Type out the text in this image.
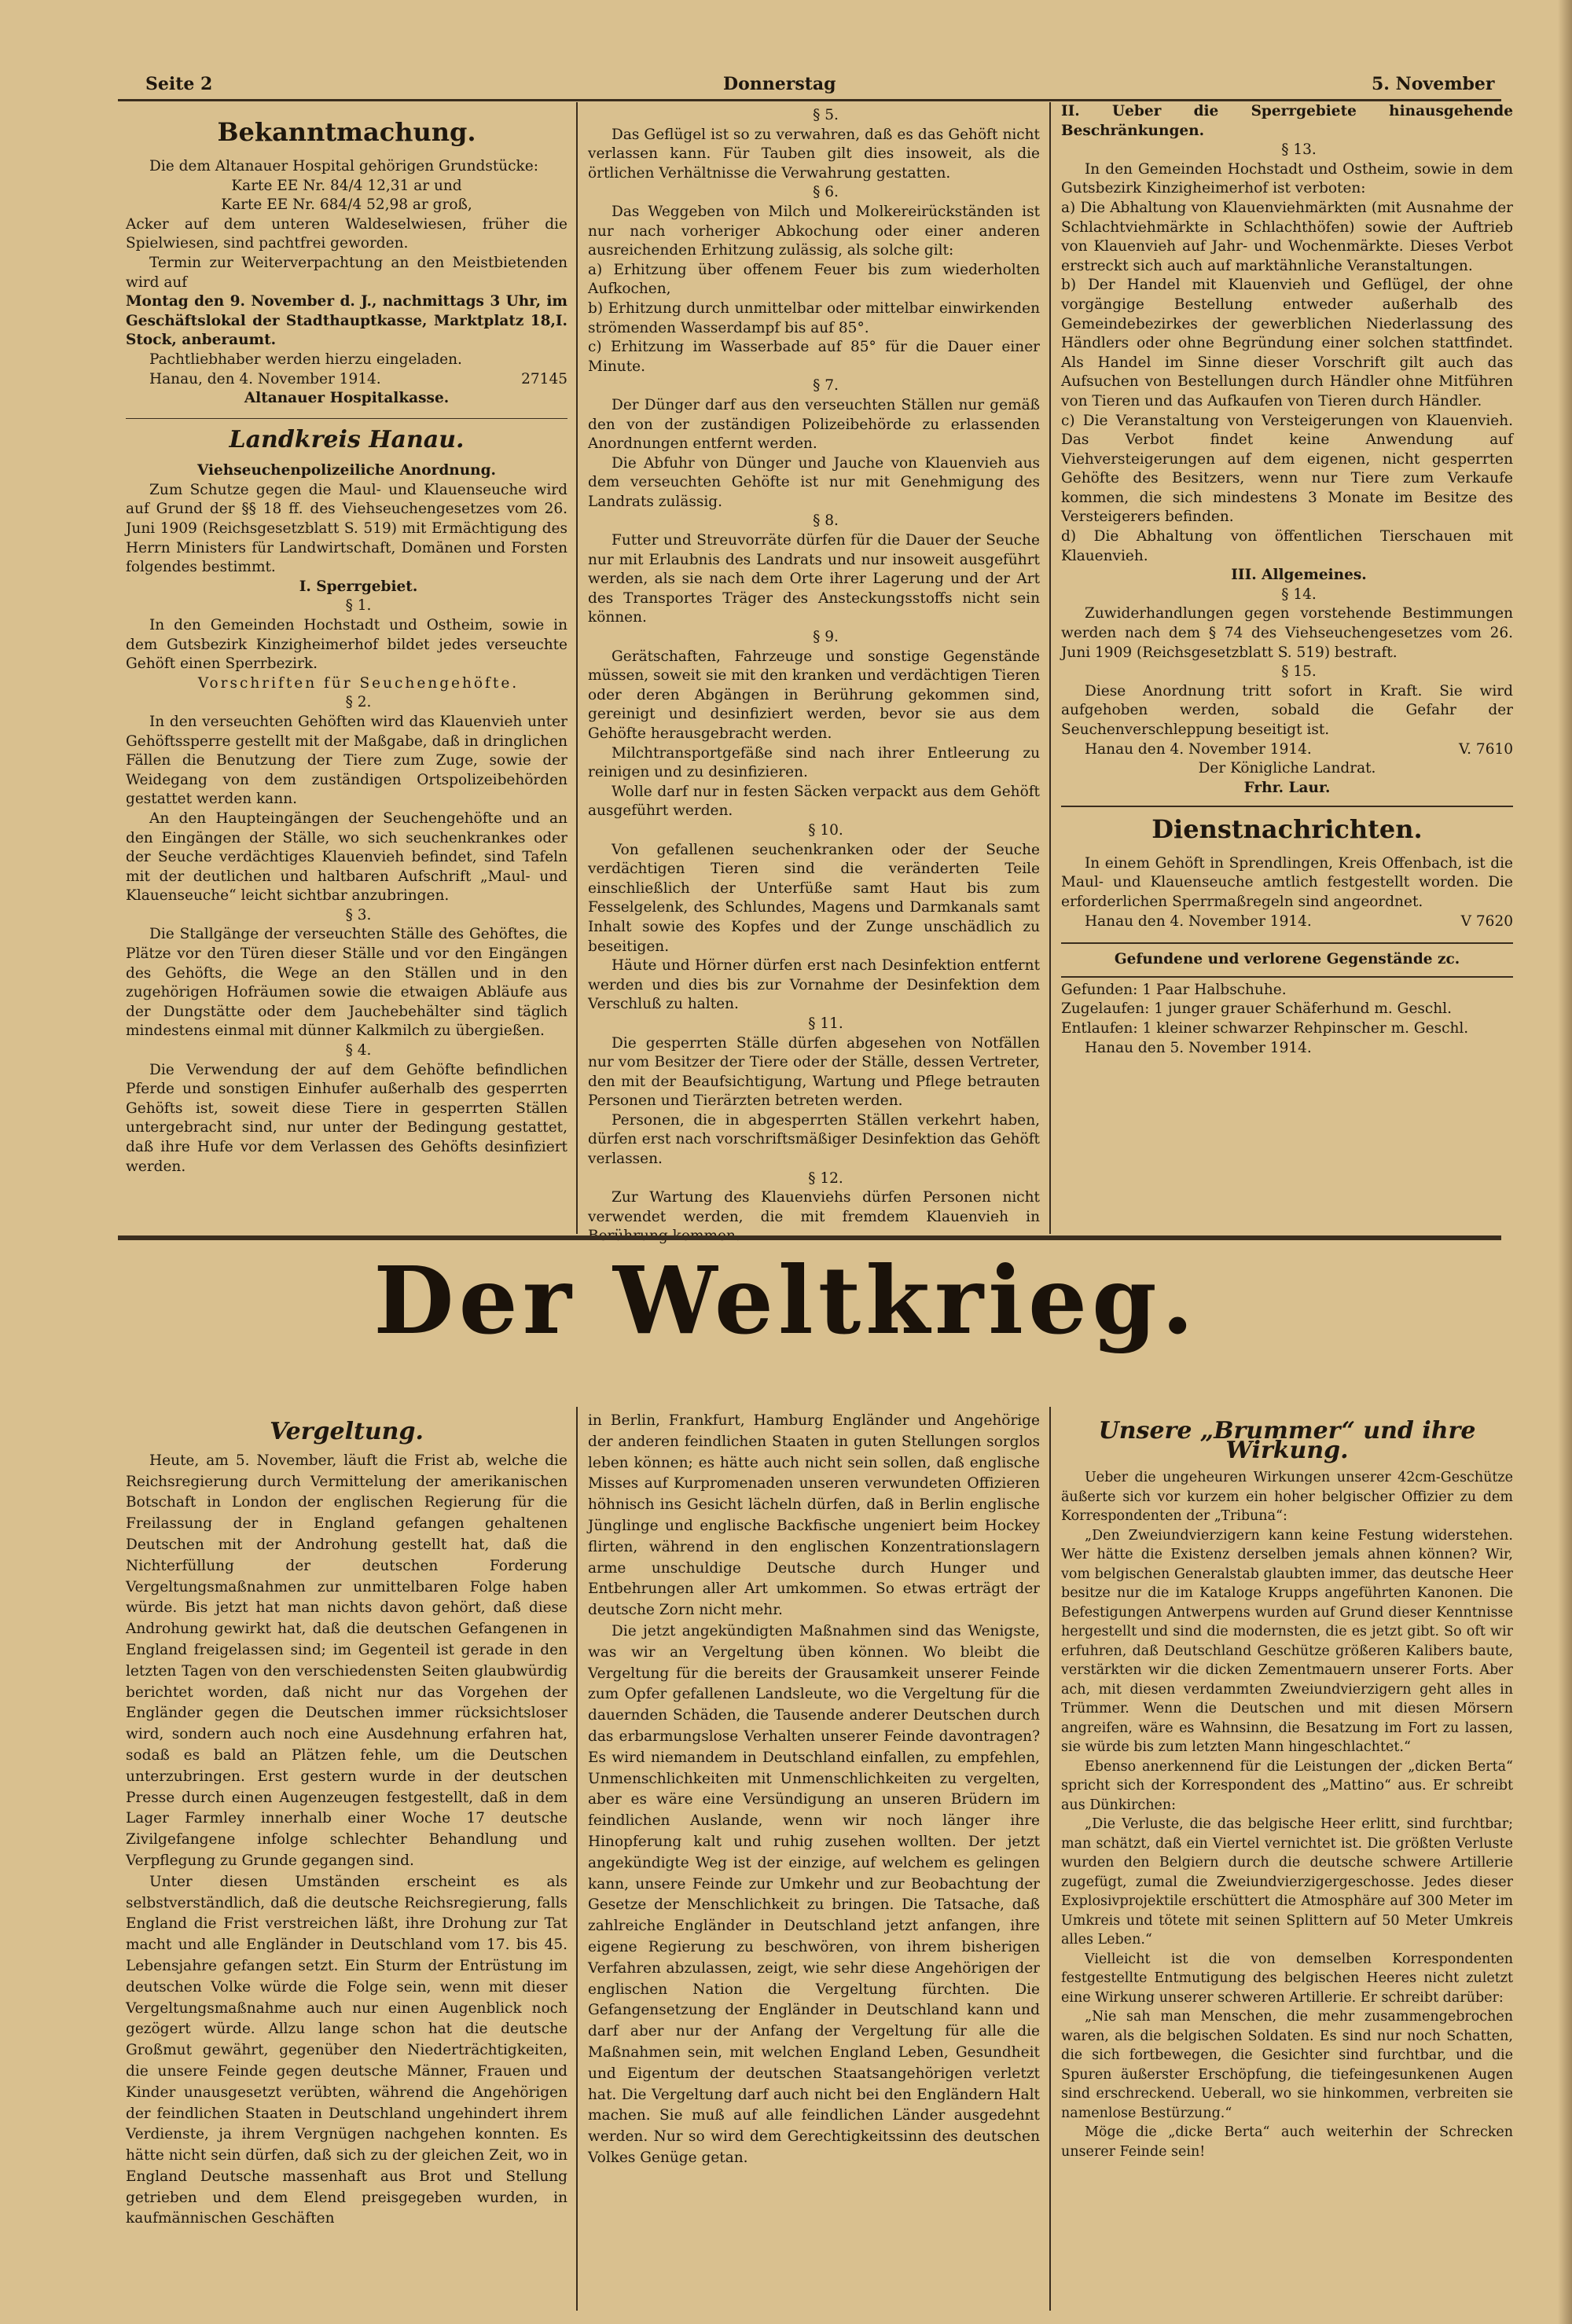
Seite 2	Donnerstag	5. November
Bekanntmachung.

Die dem Altanauer Hospital gehörigen Grundstücke:

Karte EE Nr. 84/4 12,31 ar und

Karte EE Nr. 684/4 52,98 ar groß,

Acker auf dem unteren Waldeselwiesen, früher die Spielwiesen, sind pachtfrei geworden.

Termin zur Weiterverpachtung an den Meistbietenden wird auf

Montag den 9. November d. J., nachmittags 3 Uhr, im Geschäftslokal der Stadthauptkasse, Marktplatz 18,I. Stock, anberaumt.

Pachtliebhaber werden hierzu eingeladen.

Hanau, den 4. November 1914.	27145

Altanauer Hospitalkasse.

Landkreis Hanau.

Viehseuchenpolizeiliche Anordnung.

Zum Schutze gegen die Maul- und Klauenseuche wird auf Grund der §§ 18 ff. des Viehseuchengesetzes vom 26. Juni 1909 (Reichsgesetzblatt S. 519) mit Ermächtigung des Herrn Ministers für Landwirtschaft, Domänen und Forsten folgendes bestimmt.

I. Sperrgebiet.

§ 1.

In den Gemeinden Hochstadt und Ostheim, sowie in dem Gutsbezirk Kinzigheimerhof bildet jedes verseuchte Gehöft einen Sperrbezirk.

Vorschriften für Seuchengehöfte.

§ 2.

In den verseuchten Gehöften wird das Klauenvieh unter Gehöftssperre gestellt mit der Maßgabe, daß in dringlichen Fällen die Benutzung der Tiere zum Zuge, sowie der Weidegang von dem zuständigen Ortspolizeibehörden gestattet werden kann.

An den Haupteingängen der Seuchengehöfte und an den Eingängen der Ställe, wo sich seuchenkrankes oder der Seuche verdächtiges Klauenvieh befindet, sind Tafeln mit der deutlichen und haltbaren Aufschrift „Maul- und Klauenseuche“ leicht sichtbar anzubringen.

§ 3.

Die Stallgänge der verseuchten Ställe des Gehöftes, die Plätze vor den Türen dieser Ställe und vor den Eingängen des Gehöfts, die Wege an den Ställen und in den zugehörigen Hofräumen sowie die etwaigen Abläufe aus der Dungstätte oder dem Jauchebehälter sind täglich mindestens einmal mit dünner Kalkmilch zu übergießen.

§ 4.

Die Verwendung der auf dem Gehöfte befindlichen Pferde und sonstigen Einhufer außerhalb des gesperrten Gehöfts ist, soweit diese Tiere in gesperrten Ställen untergebracht sind, nur unter der Bedingung gestattet, daß ihre Hufe vor dem Verlassen des Gehöfts desinfiziert werden.

§ 5.

Das Geflügel ist so zu verwahren, daß es das Gehöft nicht verlassen kann. Für Tauben gilt dies insoweit, als die örtlichen Verhältnisse die Verwahrung gestatten.

§ 6.

Das Weggeben von Milch und Molkereirückständen ist nur nach vorheriger Abkochung oder einer anderen ausreichenden Erhitzung zulässig, als solche gilt:

a) Erhitzung über offenem Feuer bis zum wiederholten Aufkochen,

b) Erhitzung durch unmittelbar oder mittelbar einwirkenden strömenden Wasserdampf bis auf 85°.

c) Erhitzung im Wasserbade auf 85° für die Dauer einer Minute.

§ 7.

Der Dünger darf aus den verseuchten Ställen nur gemäß den von der zuständigen Polizeibehörde zu erlassenden Anordnungen entfernt werden.

Die Abfuhr von Dünger und Jauche von Klauenvieh aus dem verseuchten Gehöfte ist nur mit Genehmigung des Landrats zulässig.

§ 8.

Futter und Streuvorräte dürfen für die Dauer der Seuche nur mit Erlaubnis des Landrats und nur insoweit ausgeführt werden, als sie nach dem Orte ihrer Lagerung und der Art des Transportes Träger des Ansteckungsstoffs nicht sein können.

§ 9.

Gerätschaften, Fahrzeuge und sonstige Gegenstände müssen, soweit sie mit den kranken und verdächtigen Tieren oder deren Abgängen in Berührung gekommen sind, gereinigt und desinfiziert werden, bevor sie aus dem Gehöfte herausgebracht werden.

Milchtransportgefäße sind nach ihrer Entleerung zu reinigen und zu desinfizieren.

Wolle darf nur in festen Säcken verpackt aus dem Gehöft ausgeführt werden.

§ 10.

Von gefallenen seuchenkranken oder der Seuche verdächtigen Tieren sind die veränderten Teile einschließlich der Unterfüße samt Haut bis zum Fesselgelenk, des Schlundes, Magens und Darmkanals samt Inhalt sowie des Kopfes und der Zunge unschädlich zu beseitigen.

Häute und Hörner dürfen erst nach Desinfektion entfernt werden und dies bis zur Vornahme der Desinfektion dem Verschluß zu halten.

§ 11.

Die gesperrten Ställe dürfen abgesehen von Notfällen nur vom Besitzer der Tiere oder der Ställe, dessen Vertreter, den mit der Beaufsichtigung, Wartung und Pflege betrauten Personen und Tierärzten betreten werden.

Personen, die in abgesperrten Ställen verkehrt haben, dürfen erst nach vorschriftsmäßiger Desinfektion das Gehöft verlassen.

§ 12.

Zur Wartung des Klauenviehs dürfen Personen nicht verwendet werden, die mit fremdem Klauenvieh in

II. Ueber die Sperrgebiete hinausgehende Beschränkungen.

§ 13.

In den Gemeinden Hochstadt und Ostheim, sowie in dem Gutsbezirk Kinzigheimerhof ist verboten:

a) Die Abhaltung von Klauenviehmärkten (mit Ausnahme der Schlachtviehmärkte in Schlachthöfen) sowie der Auftrieb von Klauenvieh auf Jahr- und Wochenmärkte. Dieses Verbot erstreckt sich auch auf marktähnliche Veranstaltungen.

b) Der Handel mit Klauenvieh und Geflügel, der ohne vorgängige Bestellung entweder außerhalb des Gemeindebezirkes der gewerblichen Niederlassung des Händlers oder ohne Begründung einer solchen stattfindet. Als Handel im Sinne dieser Vorschrift gilt auch das Aufsuchen von Bestellungen durch Händler ohne Mitführen von Tieren und das Aufkaufen von Tieren durch Händler.

c) Die Veranstaltung von Versteigerungen von Klauenvieh. Das Verbot findet keine Anwendung auf Viehversteigerungen auf dem eigenen, nicht gesperrten Gehöfte des Besitzers, wenn nur Tiere zum Verkaufe kommen, die sich mindestens 3 Monate im Besitze des Versteigerers befinden.

d) Die Abhaltung von öffentlichen Tierschauen mit Klauenvieh.

III. Allgemeines.

§ 14.

Zuwiderhandlungen gegen vorstehende Bestimmungen werden nach dem § 74 des Viehseuchengesetzes vom 26. Juni 1909 (Reichsgesetzblatt S. 519) bestraft.

§ 15.

Diese Anordnung tritt sofort in Kraft. Sie wird aufgehoben werden, sobald die Gefahr der Seuchenverschleppung beseitigt ist.

Hanau den 4. November 1914.	V. 7610

Der Königliche Landrat.

Frhr. Laur.

Dienstnachrichten.

In einem Gehöft in Sprendlingen, Kreis Offenbach, ist die Maul- und Klauenseuche amtlich festgestellt worden. Die erforderlichen Sperrmaßregeln sind angeordnet.

Hanau den 4. November 1914.	V 7620

Gefundene und verlorene Gegenstände zc.

Gefunden: 1 Paar Halbschuhe.

Zugelaufen: 1 junger grauer Schäferhund m. Geschl.

Entlaufen: 1 kleiner schwarzer Rehpinscher m. Geschl.

Hanau den 5. November 1914.

Der Weltkrieg.
Vergeltung.

Heute, am 5. November, läuft die Frist ab, welche die Reichsregierung durch Vermittelung der amerikanischen Botschaft in London der englischen Regierung für die Freilassung der in England gefangen gehaltenen Deutschen mit der Androhung gestellt hat, daß die Nichterfüllung der deutschen Forderung Vergeltungsmaßnahmen zur unmittelbaren Folge haben würde. Bis jetzt hat man nichts davon gehört, daß diese Androhung gewirkt hat, daß die deutschen Gefangenen in England freigelassen sind; im Gegenteil ist gerade in den letzten Tagen von den verschiedensten Seiten glaubwürdig berichtet worden, daß nicht nur das Vorgehen der Engländer gegen die Deutschen immer rücksichtsloser wird, sondern auch noch eine Ausdehnung erfahren hat, sodaß es bald an Plätzen fehle, um die Deutschen unterzubringen. Erst gestern wurde in der deutschen Presse durch einen Augenzeugen festgestellt, daß in dem Lager Farmley innerhalb einer Woche 17 deutsche Zivilgefangene infolge schlechter Behandlung und Verpflegung zu Grunde gegangen sind.

Unter diesen Umständen erscheint es als selbstverständlich, daß die deutsche Reichsregierung, falls England die Frist verstreichen läßt, ihre Drohung zur Tat macht und alle Engländer in Deutschland vom 17. bis 45. Lebensjahre gefangen setzt. Ein Sturm der Entrüstung im deutschen Volke würde die Folge sein, wenn mit dieser Vergeltungsmaßnahme auch nur einen Augenblick noch gezögert würde. Allzu lange schon hat die deutsche Großmut gewährt, gegenüber den Niederträchtigkeiten, die unsere Feinde gegen deutsche Männer, Frauen und Kinder unausgesetzt verübten, während die Angehörigen der feindlichen Staaten in Deutschland ungehindert ihrem Verdienste, ja ihrem Vergnügen nachgehen konnten. Es hätte nicht sein dürfen, daß sich zu der gleichen Zeit, wo in England Deutsche massenhaft aus Brot und Stellung getrieben und dem Elend preisgegeben wurden, in kaufmännischen Geschäften

in Berlin, Frankfurt, Hamburg Engländer und Angehörige der anderen feindlichen Staaten in guten Stellungen sorglos leben können; es hätte auch nicht sein sollen, daß englische Misses auf Kurpromenaden unseren verwundeten Offizieren höhnisch ins Gesicht lächeln dürfen, daß in Berlin englische Jünglinge und englische Backfische ungeniert beim Hockey flirten, während in den englischen Konzentrationslagern arme unschuldige Deutsche durch Hunger und Entbehrungen aller Art umkommen. So etwas erträgt der deutsche Zorn nicht mehr.

Die jetzt angekündigten Maßnahmen sind das Wenigste, was wir an Vergeltung üben können. Wo bleibt die Vergeltung für die bereits der Grausamkeit unserer Feinde zum Opfer gefallenen Landsleute, wo die Vergeltung für die dauernden Schäden, die Tausende anderer Deutschen durch das erbarmungslose Verhalten unserer Feinde davontragen? Es wird niemandem in Deutschland einfallen, zu empfehlen, Unmenschlichkeiten mit Unmenschlichkeiten zu vergelten, aber es wäre eine Versündigung an unseren Brüdern im feindlichen Auslande, wenn wir noch länger ihre Hinopferung kalt und ruhig zusehen wollten. Der jetzt angekündigte Weg ist der einzige, auf welchem es gelingen kann, unsere Feinde zur Umkehr und zur Beobachtung der Gesetze der Menschlichkeit zu bringen. Die Tatsache, daß zahlreiche Engländer in Deutschland jetzt anfangen, ihre eigene Regierung zu beschwören, von ihrem bisherigen Verfahren abzulassen, zeigt, wie sehr diese Angehörigen der englischen Nation die Vergeltung fürchten. Die Gefangensetzung der Engländer in Deutschland kann und darf aber nur der Anfang der Vergeltung für alle die Maßnahmen sein, mit welchen England Leben, Gesundheit und Eigentum der deutschen Staatsangehörigen verletzt hat. Die Vergeltung darf auch nicht bei den Engländern Halt machen. Sie muß auf alle feindlichen Länder ausgedehnt werden. Nur so wird dem Gerechtigkeitssinn des deutschen Volkes Genüge getan.

Unsere „Brummer“ und ihre Wirkung.

Ueber die ungeheuren Wirkungen unserer 42cm-Geschütze äußerte sich vor kurzem ein hoher belgischer Offizier zu dem Korrespondenten der „Tribuna“:

„Den Zweiundvierzigern kann keine Festung widerstehen. Wer hätte die Existenz derselben jemals ahnen können? Wir, vom belgischen Generalstab glaubten immer, das deutsche Heer besitze nur die im Kataloge Krupps angeführten Kanonen. Die Befestigungen Antwerpens wurden auf Grund dieser Kenntnisse hergestellt und sind die modernsten, die es jetzt gibt. So oft wir erfuhren, daß Deutschland Geschütze größeren Kalibers baute, verstärkten wir die dicken Zementmauern unserer Forts. Aber ach, mit diesen verdammten Zweiundvierzigern geht alles in Trümmer. Wenn die Deutschen und mit diesen Mörsern angreifen, wäre es Wahnsinn, die Besatzung im Fort zu lassen, sie würde bis zum letzten Mann hingeschlachtet.“

Ebenso anerkennend für die Leistungen der „dicken Berta“ spricht sich der Korrespondent des „Mattino“ aus. Er schreibt aus Dünkirchen:

„Die Verluste, die das belgische Heer erlitt, sind furchtbar; man schätzt, daß ein Viertel vernichtet ist. Die größten Verluste wurden den Belgiern durch die deutsche schwere Artillerie zugefügt, zumal die Zweiundvierzigergeschosse. Jedes dieser Explosivprojektile erschüttert die Atmosphäre auf 300 Meter im Umkreis und tötete mit seinen Splittern auf 50 Meter Umkreis alles Leben.“

Vielleicht ist die von demselben Korrespondenten festgestellte Entmutigung des belgischen Heeres nicht zuletzt eine Wirkung unserer schweren Artillerie. Er schreibt darüber:

„Nie sah man Menschen, die mehr zusammengebrochen waren, als die belgischen Soldaten. Es sind nur noch Schatten, die sich fortbewegen, die Gesichter sind furchtbar, und die Spuren äußerster Erschöpfung, die tiefeingesunkenen Augen sind erschreckend. Ueberall, wo sie hinkommen, verbreiten sie namenlose Bestürzung.“

Möge die „dicke Berta“ auch weiterhin der Schrecken unserer Feinde sein!
